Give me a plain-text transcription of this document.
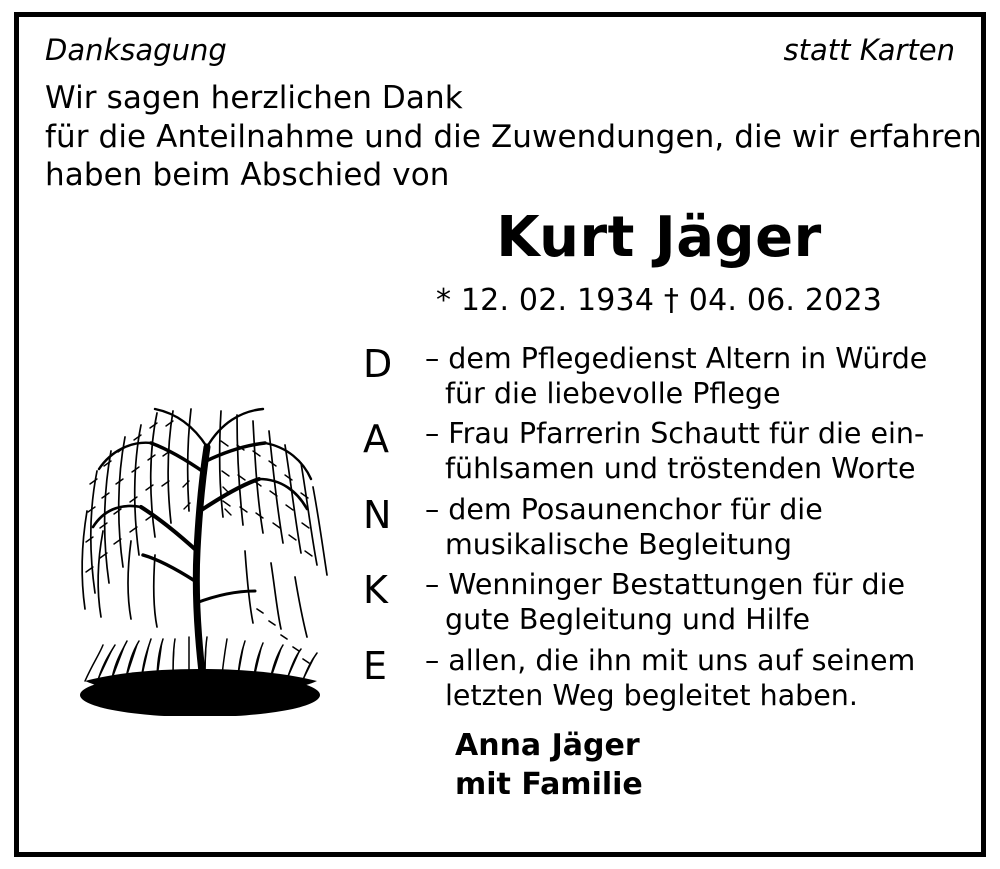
Danksagung	statt Karten
Wir sagen herzlichen Dank
für die Anteilnahme und die Zuwendungen, die wir erfahren
haben beim Abschied von
Kurt Jäger
* 12. 02. 1934 † 04. 06. 2023
D	– dem Pflegedienst Altern in Würde
für die liebevolle Pflege
A	– Frau Pfarrerin Schautt für die ein-
fühlsamen und tröstenden Worte
N	– dem Posaunenchor für die
musikalische Begleitung
K	– Wenninger Bestattungen für die
gute Begleitung und Hilfe
E	– allen, die ihn mit uns auf seinem
letzten Weg begleitet haben.
Anna Jäger
mit Familie
